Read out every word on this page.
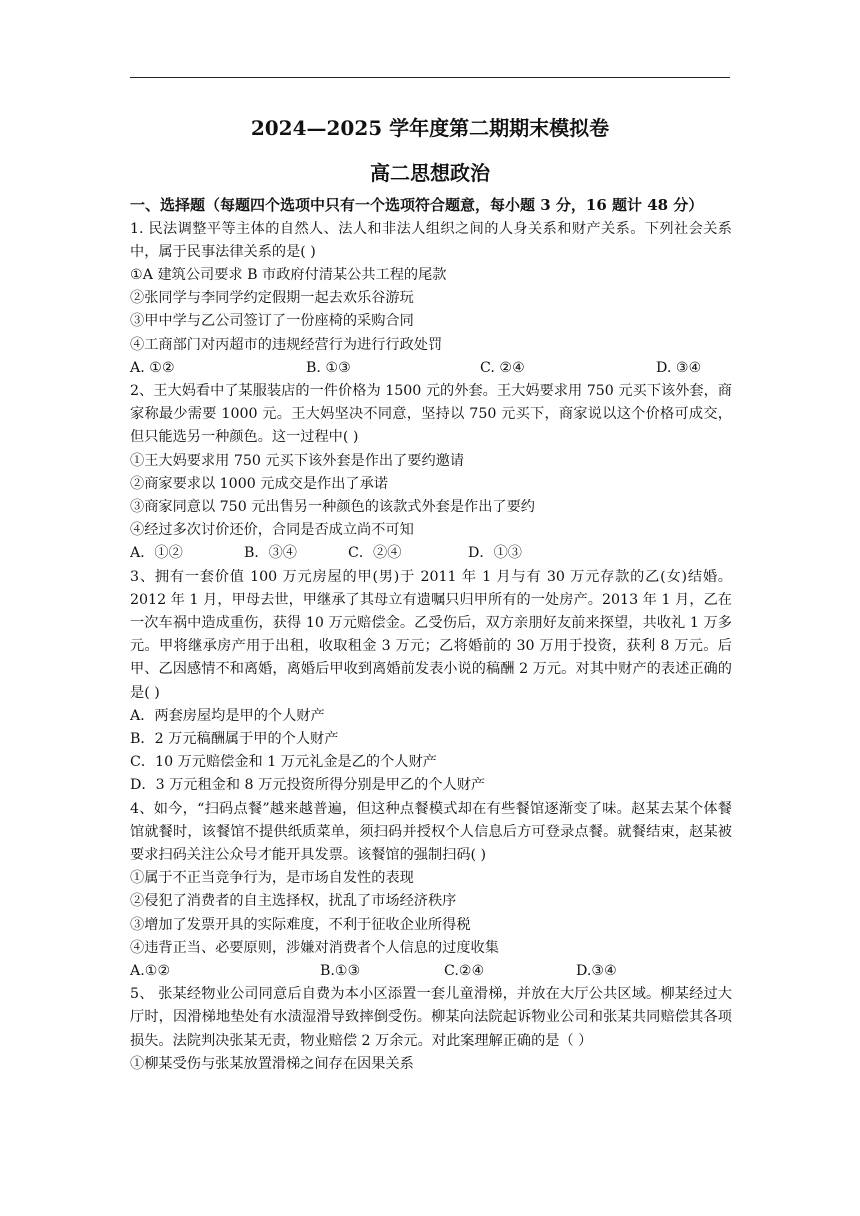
2024—2025 学年度第二期期末模拟卷
高二思想政治
一、选择题（每题四个选项中只有一个选项符合题意，每小题 3 分，16 题计 48 分）

1. 民法调整平等主体的自然人、法人和非法人组织之间的人身关系和财产关系。下列社会关系中，属于民事法律关系的是( )

①A 建筑公司要求 B 市政府付清某公共工程的尾款

②张同学与李同学约定假期一起去欢乐谷游玩

③甲中学与乙公司签订了一份座椅的采购合同

④工商部门对丙超市的违规经营行为进行行政处罚

A. ①②	B. ①③	C. ②④	D. ③④

2、王大妈看中了某服装店的一件价格为 1500 元的外套。王大妈要求用 750 元买下该外套，商家称最少需要 1000 元。王大妈坚决不同意，坚持以 750 元买下，商家说以这个价格可成交，但只能选另一种颜色。这一过程中( )

①王大妈要求用 750 元买下该外套是作出了要约邀请

②商家要求以 1000 元成交是作出了承诺

③商家同意以 750 元出售另一种颜色的该款式外套是作出了要约

④经过多次讨价还价，合同是否成立尚不可知

A．①②	B．③④	C．②④	D．①③

3、拥有一套价值 100 万元房屋的甲(男)于 2011 年 1 月与有 30 万元存款的乙(女)结婚。2012 年 1 月，甲母去世，甲继承了其母立有遗嘱只归甲所有的一处房产。2013 年 1 月，乙在一次车祸中造成重伤，获得 10 万元赔偿金。乙受伤后，双方亲朋好友前来探望，共收礼 1 万多元。甲将继承房产用于出租，收取租金 3 万元；乙将婚前的 30 万用于投资，获利 8 万元。后甲、乙因感情不和离婚，离婚后甲收到离婚前发表小说的稿酬 2 万元。对其中财产的表述正确的是( )

A．两套房屋均是甲的个人财产

B．2 万元稿酬属于甲的个人财产

C．10 万元赔偿金和 1 万元礼金是乙的个人财产

D．3 万元租金和 8 万元投资所得分别是甲乙的个人财产

4、如今，“扫码点餐”越来越普遍，但这种点餐模式却在有些餐馆逐渐变了味。赵某去某个体餐馆就餐时，该餐馆不提供纸质菜单，须扫码并授权个人信息后方可登录点餐。就餐结束，赵某被要求扫码关注公众号才能开具发票。该餐馆的强制扫码( )

①属于不正当竞争行为，是市场自发性的表现

②侵犯了消费者的自主选择权，扰乱了市场经济秩序

③增加了发票开具的实际难度，不利于征收企业所得税

④违背正当、必要原则，涉嫌对消费者个人信息的过度收集

A.①②	B.①③	C.②④	D.③④

5、 张某经物业公司同意后自费为本小区添置一套儿童滑梯，并放在大厅公共区域。柳某经过大厅时，因滑梯地垫处有水渍湿滑导致摔倒受伤。柳某向法院起诉物业公司和张某共同赔偿其各项损失。法院判决张某无责，物业赔偿 2 万余元。对此案理解正确的是（ ）

①柳某受伤与张某放置滑梯之间存在因果关系
